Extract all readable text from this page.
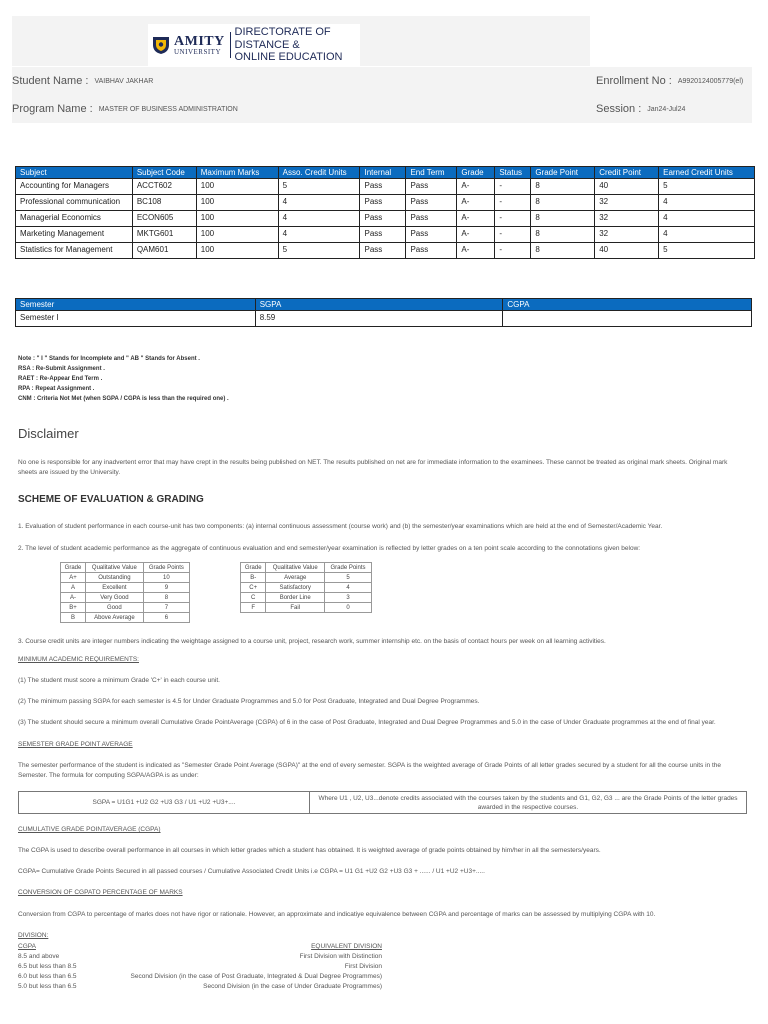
AMITY
UNIVERSITY
DIRECTORATE OF DISTANCE &
ONLINE EDUCATION
Student Name : VAIBHAV JAKHAR	Enrollment No : A9920124005779(el)
Program Name : MASTER OF BUSINESS ADMINISTRATION	Session : Jan24-Jul24
Subject	Subject Code	Maximum Marks	Asso. Credit Units	Internal	End Term	Grade	Status	Grade Point	Credit Point	Earned Credit Units
Accounting for Managers	ACCT602	100	5	Pass	Pass	A-	-	8	40	5
Professional communication	BC108	100	4	Pass	Pass	A-	-	8	32	4
Managerial Economics	ECON605	100	4	Pass	Pass	A-	-	8	32	4
Marketing Management	MKTG601	100	4	Pass	Pass	A-	-	8	32	4
Statistics for Management	QAM601	100	5	Pass	Pass	A-	-	8	40	5
Semester	SGPA	CGPA
Semester I	8.59	
Note : " I " Stands for Incomplete and " AB " Stands for Absent .
RSA : Re-Submit Assignment .
RAET : Re-Appear End Term .
RPA : Repeat Assignment .
CNM : Criteria Not Met (when SGPA / CGPA is less than the required one) .
Disclaimer
No one is responsible for any inadvertent error that may have crept in the results being published on NET. The results published on net are for immediate information to the examinees. These cannot be treated as original mark sheets. Original mark sheets are issued by the University.
SCHEME OF EVALUATION & GRADING
1. Evaluation of student performance in each course-unit has two components: (a) internal continuous assessment (course work) and (b) the semester/year examinations which are held at the end of Semester/Academic Year.
2. The level of student academic performance as the aggregate of continuous evaluation and end semester/year examination is reflected by letter grades on a ten point scale according to the connotations given below:
Grade	Qualitative Value	Grade Points
A+	Outstanding	10
A	Excellent	9
A-	Very Good	8
B+	Good	7
B	Above Average	6
Grade	Qualitative Value	Grade Points
B-	Average	5
C+	Satisfactory	4
C	Border Line	3
F	Fail	0
3. Course credit units are integer numbers indicating the weightage assigned to a course unit, project, research work, summer internship etc. on the basis of contact hours per week on all learning activities.
MINIMUM ACADEMIC REQUIREMENTS:
(1) The student must score a minimum Grade 'C+' in each course unit.
(2) The minimum passing SGPA for each semester is 4.5 for Under Graduate Programmes and 5.0 for Post Graduate, Integrated and Dual Degree Programmes.
(3) The student should secure a minimum overall Cumulative Grade PointAverage (CGPA) of 6 in the case of Post Graduate, Integrated and Dual Degree Programmes and 5.0 in the case of Under Graduate programmes at the end of final year.
SEMESTER GRADE POINT AVERAGE
The semester performance of the student is indicated as "Semester Grade Point Average (SGPA)" at the end of every semester. SGPA is the weighted average of Grade Points of all letter grades secured by a student for all the course units in the Semester. The formula for computing SGPA/AGPA is as under:
SGPA = U1G1 +U2 G2 +U3 G3 / U1 +U2 +U3+....
Where U1 , U2, U3...denote credits associated with the courses taken by the students and G1, G2, G3 ... are the Grade Points of the letter grades awarded in the respective courses.
CUMULATIVE GRADE POINTAVERAGE (CGPA)
The CGPA is used to describe overall performance in all courses in which letter grades which a student has obtained. It is weighted average of grade points obtained by him/her in all the semesters/years.
CGPA= Cumulative Grade Points Secured in all passed courses / Cumulative Associated Credit Units i.e CGPA = U1 G1 +U2 G2 +U3 G3 + ...... / U1 +U2 +U3+.....
CONVERSION OF CGPATO PERCENTAGE OF MARKS
Conversion from CGPA to percentage of marks does not have rigor or rationale. However, an approximate and indicatiye equivalence between CGPA and percentage of marks can be assessed by multiplying CGPA with 10.
DIVISION:
CGPA	EQUIVALENT DIVISION
8.5 and above	First Division with Distinction
6.5 but less than 8.5	First Division
6.0 but less than 6.5	Second Division (in the case of Post Graduate, Integrated & Dual Degree Programmes)
5.0 but less than 6.5	Second Division (in the case of Under Graduate Programmes)
